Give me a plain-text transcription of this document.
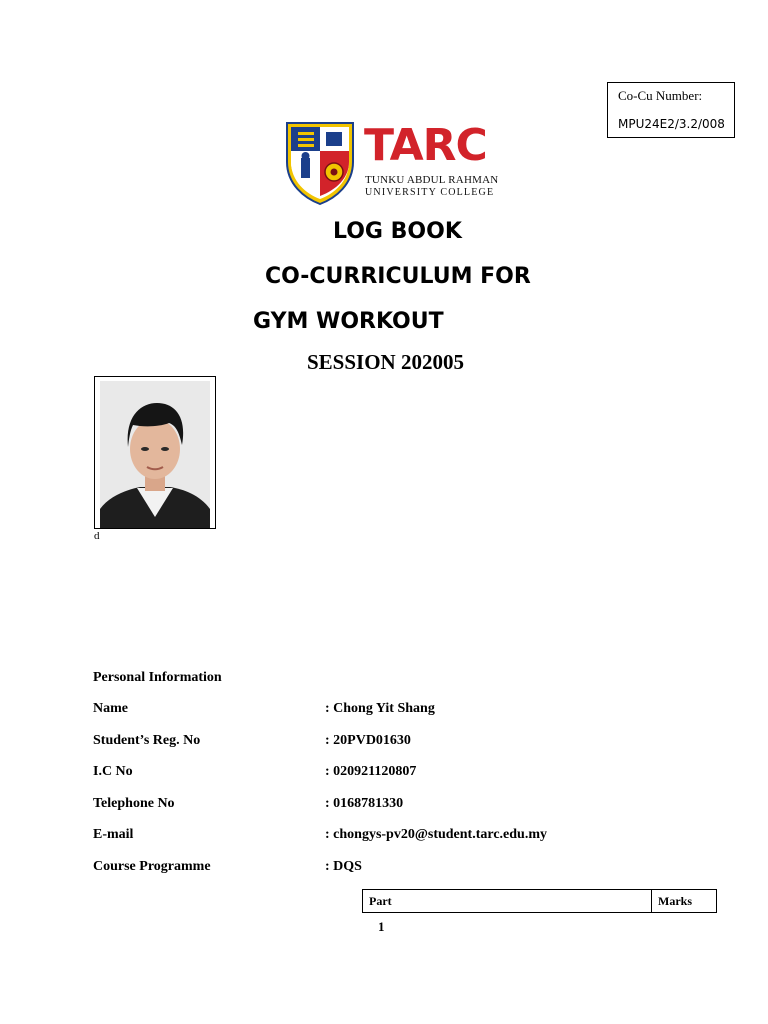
Co-Cu Number:
MPU24E2/3.2/008
TARC
TUNKU ABDUL RAHMAN
UNIVERSITY COLLEGE
LOG BOOK
CO-CURRICULUM FOR
GYM WORKOUT
SESSION 202005
d
Personal Information
Name	: Chong Yit Shang
Student’s Reg. No	: 20PVD01630
I.C No	: 020921120807
Telephone No	: 0168781330
E-mail	: chongys-pv20@student.tarc.edu.my
Course Programme	: DQS
Part	Marks
1
